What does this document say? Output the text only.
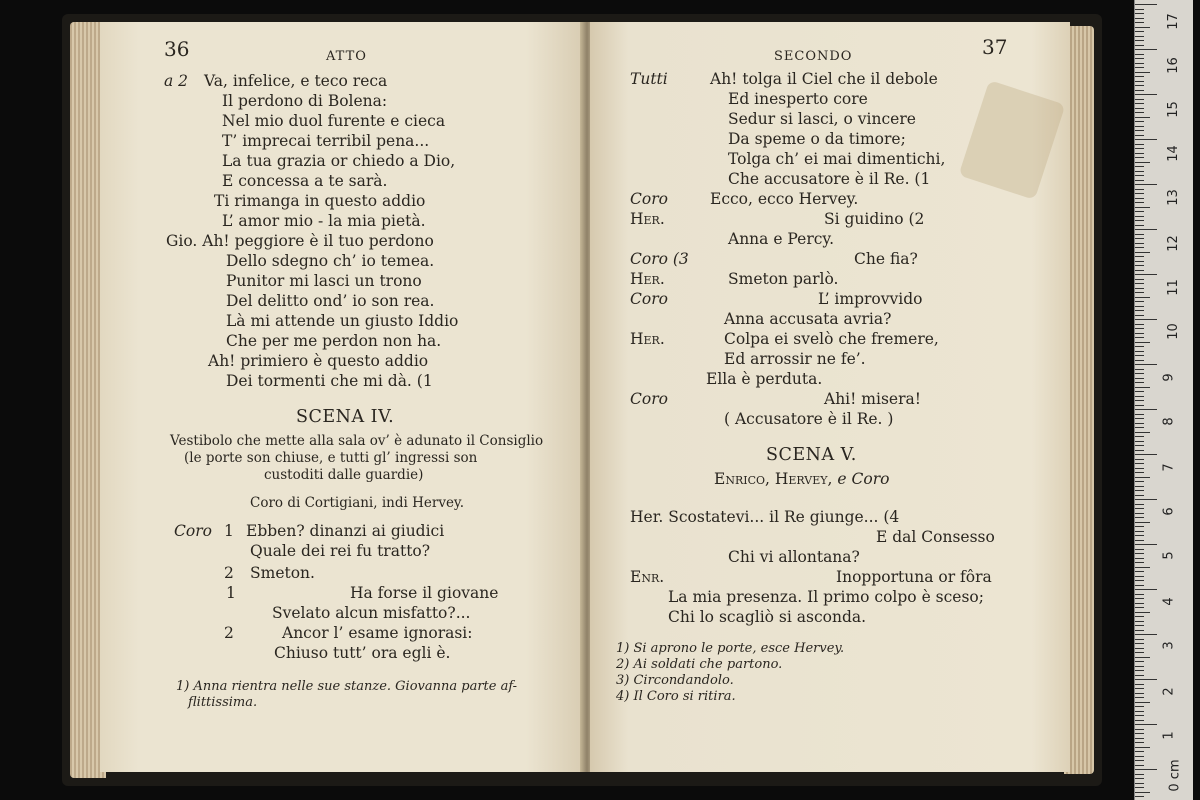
36	ATTO
a 2 Va, infelice, e teco reca
Il perdono di Bolena:
Nel mio duol furente e cieca
T’ imprecai terribil pena...
La tua grazia or chiedo a Dio,
E concessa a te sarà.
Ti rimanga in questo addio
L’ amor mio - la mia pietà.
Gio. Ah! peggiore è il tuo perdono
Dello sdegno ch’ io temea.
Punitor mi lasci un trono
Del delitto ond’ io son rea.
Là mi attende un giusto Iddio
Che per me perdon non ha.
Ah! primiero è questo addio
Dei tormenti che mi dà. (1
SCENA IV.
Vestibolo che mette alla sala ov’ è adunato il Consiglio
(le porte son chiuse, e tutti gl’ ingressi son
custoditi dalle guardie)
Coro di Cortigiani, indi Hervey.
Coro 1 Ebben? dinanzi ai giudici
Quale dei rei fu tratto?
2 Smeton.
1	Ha forse il giovane
Svelato alcun misfatto?...
2	Ancor l’ esame ignorasi:
Chiuso tutt’ ora egli è.
1) Anna rientra nelle sue stanze. Giovanna parte af-
flittissima.
SECONDO	37
Tutti	Ah! tolga il Ciel che il debole
Ed inesperto core
Sedur si lasci, o vincere
Da speme o da timore;
Tolga ch’ ei mai dimentichi,
Che accusatore è il Re. (1
Coro	Ecco, ecco Hervey.
Her.	Si guidino (2
Anna e Percy.
Coro (3	Che fia?
Her.	Smeton parlò.
Coro	L’ improvvido
Anna accusata avria?
Her.	Colpa ei svelò che fremere,
Ed arrossir ne fe’.
Ella è perduta.
Coro	Ahi! misera!
( Accusatore è il Re. )
SCENA V.
Enrico, Hervey, e Coro
Her. Scostatevi... il Re giunge... (4
E dal Consesso
Chi vi allontana?
Enr.	Inopportuna or fôra
La mia presenza. Il primo colpo è sceso;
Chi lo scagliò si asconda.
1) Si aprono le porte, esce Hervey.
2) Ai soldati che partono.
3) Circondandolo.
4) Il Coro si ritira.
17
16
15
14
13
12
11
10
9
8
7
6
5
4
3
2
1
0 cm
